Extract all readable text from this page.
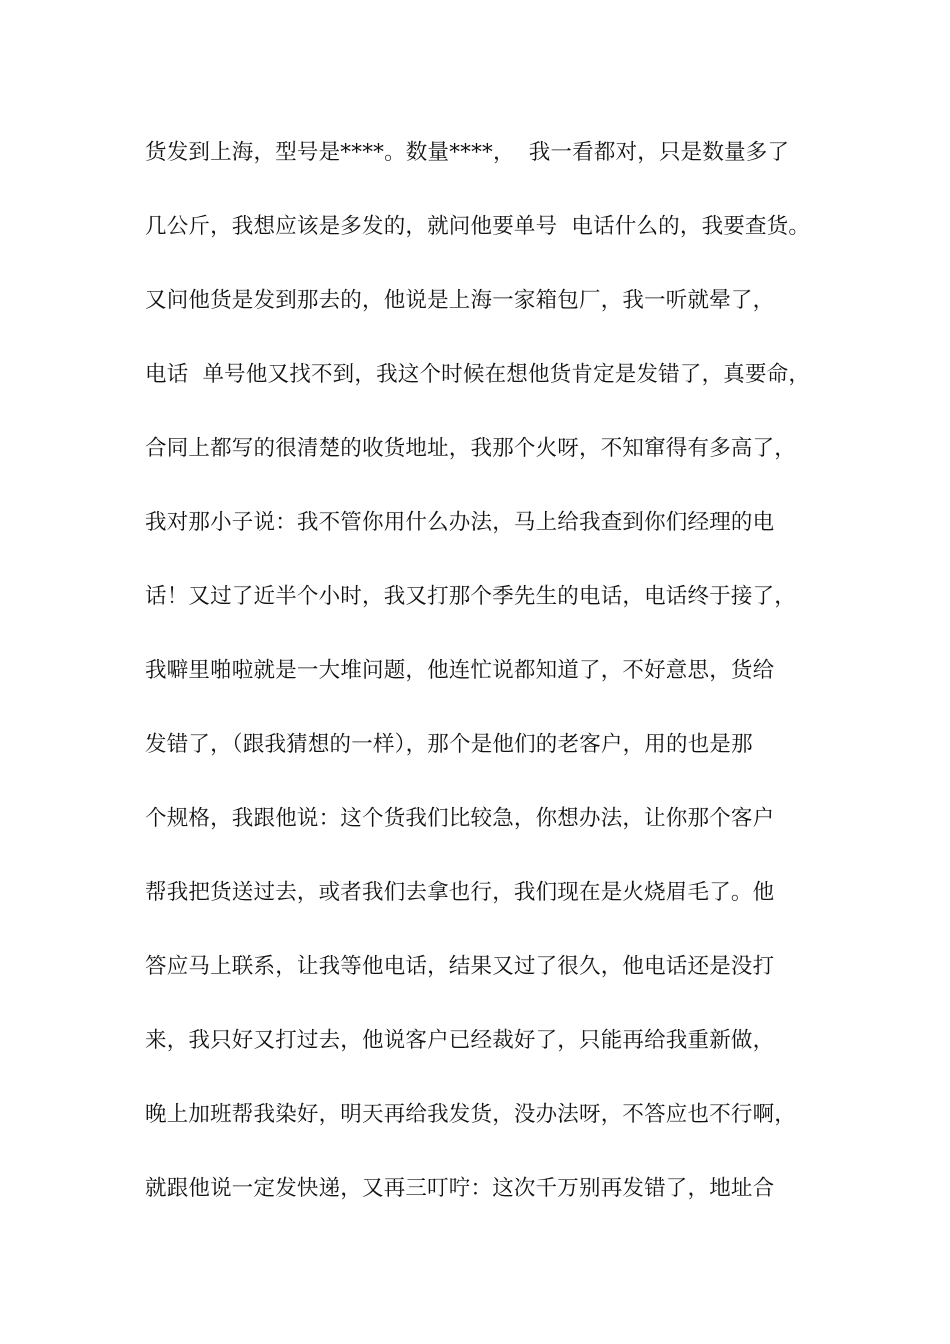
货发到上海，型号是****。数量****，  我一看都对，只是数量多了
几公斤，我想应该是多发的，就问他要单号  电话什么的，我要查货。
又问他货是发到那去的，他说是上海一家箱包厂，我一听就晕了，
电话  单号他又找不到，我这个时候在想他货肯定是发错了，真要命，
合同上都写的很清楚的收货地址，我那个火呀，不知窜得有多高了，
我对那小子说：我不管你用什么办法，马上给我查到你们经理的电
话！又过了近半个小时，我又打那个季先生的电话，电话终于接了，
我噼里啪啦就是一大堆问题，他连忙说都知道了，不好意思，货给
发错了，（跟我猜想的一样），那个是他们的老客户，用的也是那
个规格，我跟他说：这个货我们比较急，你想办法，让你那个客户
帮我把货送过去，或者我们去拿也行，我们现在是火烧眉毛了。他
答应马上联系，让我等他电话，结果又过了很久，他电话还是没打
来，我只好又打过去，他说客户已经裁好了，只能再给我重新做，
晚上加班帮我染好，明天再给我发货，没办法呀，不答应也不行啊，
就跟他说一定发快递，又再三叮咛：这次千万别再发错了，地址合
